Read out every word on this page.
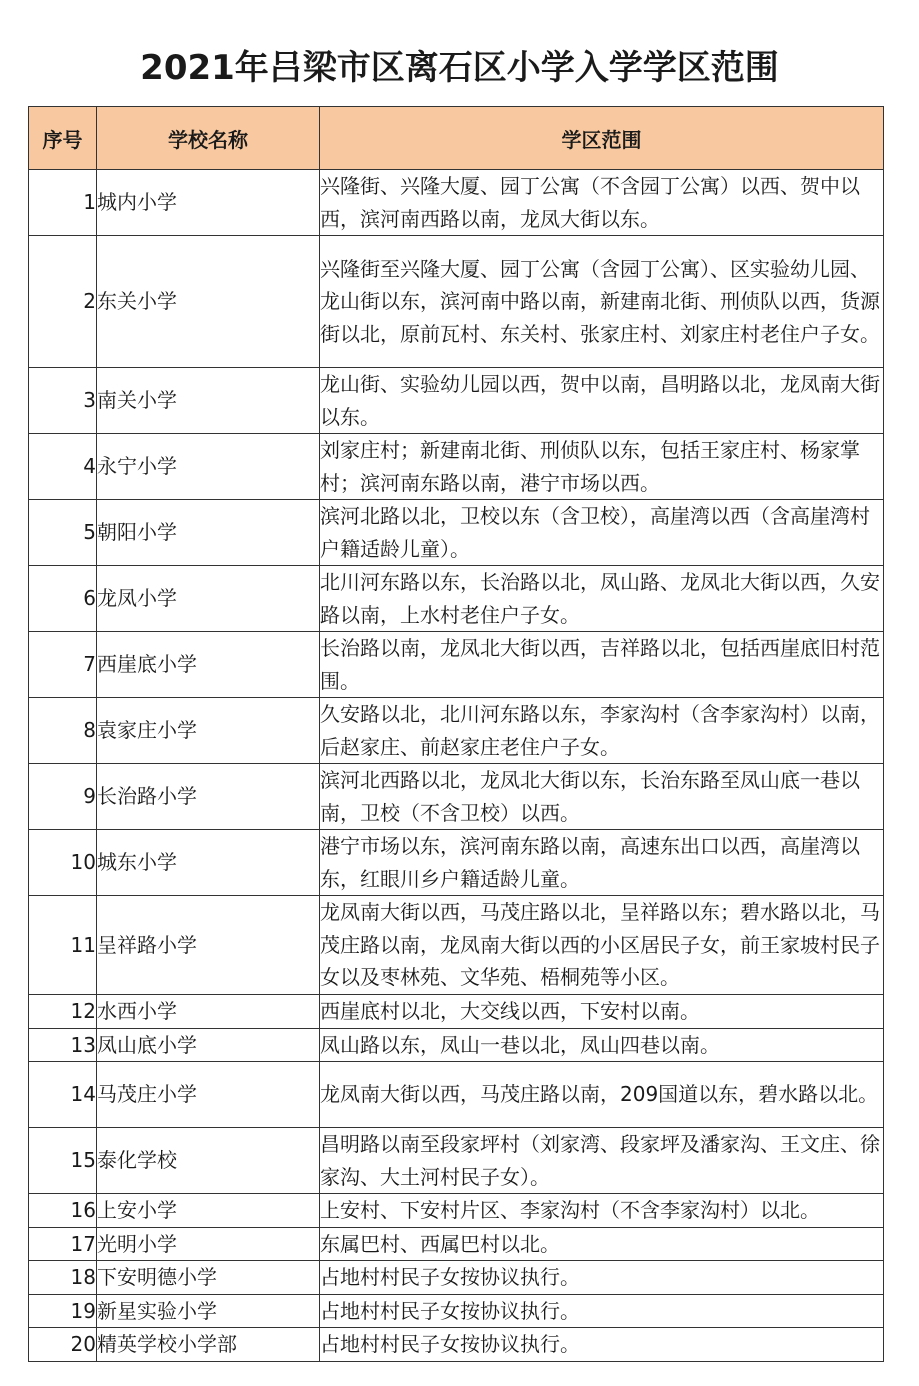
2021年吕梁市区离石区小学入学学区范围
序号	学校名称	学区范围
1	城内小学	兴隆街、兴隆大厦、园丁公寓（不含园丁公寓）以西、贺中以西，滨河南西路以南，龙凤大街以东。
2	东关小学	兴隆街至兴隆大厦、园丁公寓（含园丁公寓）、区实验幼儿园、龙山街以东，滨河南中路以南，新建南北街、刑侦队以西，货源街以北，原前瓦村、东关村、张家庄村、刘家庄村老住户子女。
3	南关小学	龙山街、实验幼儿园以西，贺中以南，昌明路以北，龙凤南大街以东。
4	永宁小学	刘家庄村；新建南北街、刑侦队以东，包括王家庄村、杨家掌村；滨河南东路以南，港宁市场以西。
5	朝阳小学	滨河北路以北，卫校以东（含卫校），高崖湾以西（含高崖湾村户籍适龄儿童）。
6	龙凤小学	北川河东路以东，长治路以北，凤山路、龙凤北大街以西，久安路以南，上水村老住户子女。
7	西崖底小学	长治路以南，龙凤北大街以西，吉祥路以北，包括西崖底旧村范围。
8	袁家庄小学	久安路以北，北川河东路以东，李家沟村（含李家沟村）以南，后赵家庄、前赵家庄老住户子女。
9	长治路小学	滨河北西路以北，龙凤北大街以东，长治东路至凤山底一巷以南，卫校（不含卫校）以西。
10	城东小学	港宁市场以东，滨河南东路以南，高速东出口以西，高崖湾以东，红眼川乡户籍适龄儿童。
11	呈祥路小学	龙凤南大街以西，马茂庄路以北，呈祥路以东；碧水路以北，马茂庄路以南，龙凤南大街以西的小区居民子女，前王家坡村民子女以及枣林苑、文华苑、梧桐苑等小区。
12	水西小学	西崖底村以北，大交线以西，下安村以南。
13	凤山底小学	凤山路以东，凤山一巷以北，凤山四巷以南。
14	马茂庄小学	龙凤南大街以西，马茂庄路以南，209国道以东，碧水路以北。
15	泰化学校	昌明路以南至段家坪村（刘家湾、段家坪及潘家沟、王文庄、徐家沟、大土河村民子女）。
16	上安小学	上安村、下安村片区、李家沟村（不含李家沟村）以北。
17	光明小学	东属巴村、西属巴村以北。
18	下安明德小学	占地村村民子女按协议执行。
19	新星实验小学	占地村村民子女按协议执行。
20	精英学校小学部	占地村村民子女按协议执行。
